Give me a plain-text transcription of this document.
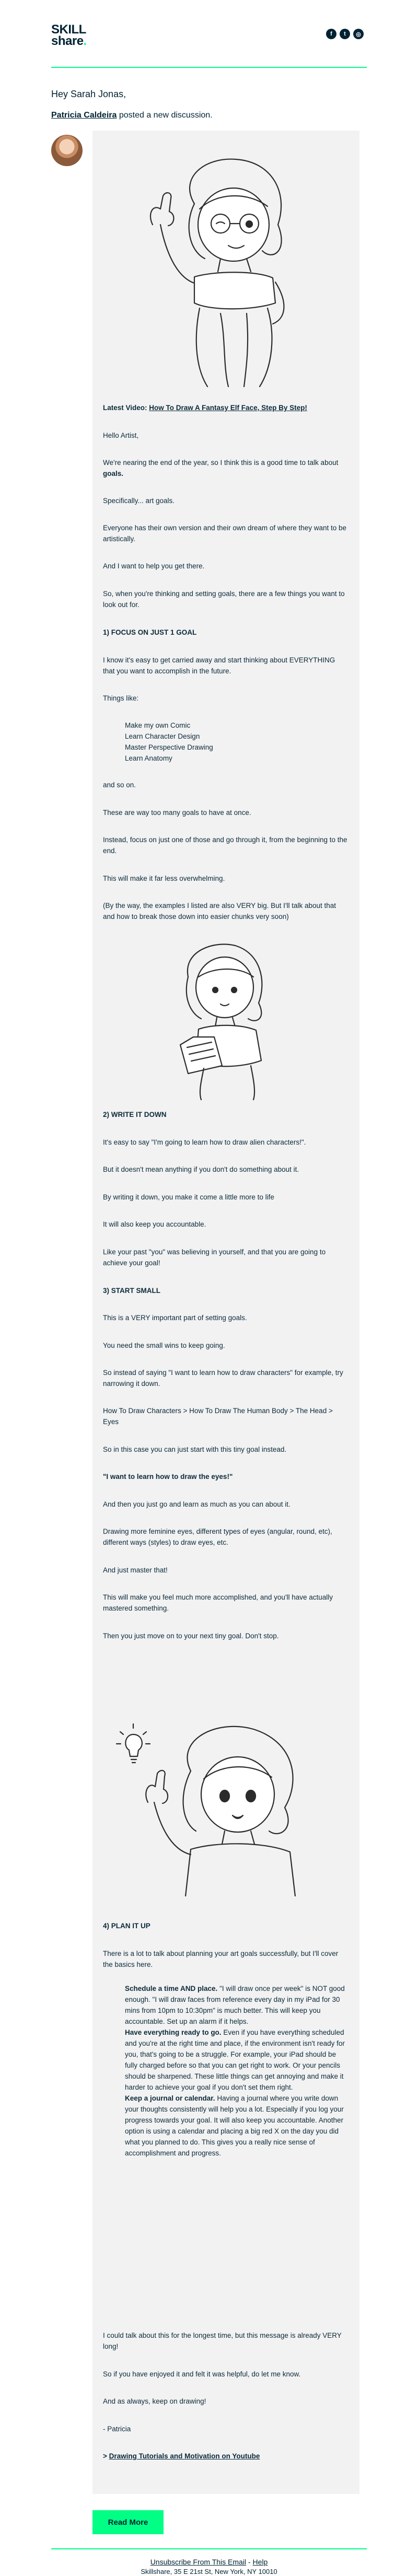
SKILL
share.	f	t	◎
Hey Sarah Jonas,
Patricia Caldeira posted a new discussion.

Latest Video: How To Draw A Fantasy Elf Face, Step By Step!

Hello Artist,

We're nearing the end of the year, so I think this is a good time to talk about goals.

Specifically... art goals.

Everyone has their own version and their own dream of where they want to be artistically.

And I want to help you get there.

So, when you're thinking and setting goals, there are a few things you want to look out for.

1) FOCUS ON JUST 1 GOAL

I know it's easy to get carried away and start thinking about EVERYTHING that you want to accomplish in the future.

Things like:

Make my own Comic
Learn Character Design
Master Perspective Drawing
Learn Anatomy

and so on.

These are way too many goals to have at once.

Instead, focus on just one of those and go through it, from the beginning to the end.

This will make it far less overwhelming.

(By the way, the examples I listed are also VERY big. But I'll talk about that and how to break those down into easier chunks very soon)

2) WRITE IT DOWN

It's easy to say "I'm going to learn how to draw alien characters!".

But it doesn't mean anything if you don't do something about it.

By writing it down, you make it come a little more to life

It will also keep you accountable.

Like your past "you" was believing in yourself, and that you are going to achieve your goal!

3) START SMALL

This is a VERY important part of setting goals.

You need the small wins to keep going.

So instead of saying "I want to learn how to draw characters" for example, try narrowing it down.

How To Draw Characters > How To Draw The Human Body > The Head > Eyes

So in this case you can just start with this tiny goal instead.

"I want to learn how to draw the eyes!"

And then you just go and learn as much as you can about it.

Drawing more feminine eyes, different types of eyes (angular, round, etc), different ways (styles) to draw eyes, etc.

And just master that!

This will make you feel much more accomplished, and you'll have actually mastered something.

Then you just move on to your next tiny goal. Don't stop.

4) PLAN IT UP

There is a lot to talk about planning your art goals successfully, but I'll cover the basics here.

Schedule a time AND place. "I will draw once per week" is NOT good enough. "I will draw faces from reference every day in my iPad for 30 mins from 10pm to 10:30pm" is much better. This will keep you accountable. Set up an alarm if it helps.
Have everything ready to go. Even if you have everything scheduled and you're at the right time and place, if the environment isn't ready for you, that's going to be a struggle. For example, your iPad should be fully charged before so that you can get right to work. Or your pencils should be sharpened. These little things can get annoying and make it harder to achieve your goal if you don't set them right.
Keep a journal or calendar. Having a journal where you write down your thoughts consistently will help you a lot. Especially if you log your progress towards your goal. It will also keep you accountable. Another option is using a calendar and placing a big red X on the day you did what you planned to do. This gives you a really nice sense of accomplishment and progress.

I could talk about this for the longest time, but this message is already VERY long!

So if you have enjoyed it and felt it was helpful, do let me know.

And as always, keep on drawing!

- Patricia

> Drawing Tutorials and Motivation on Youtube

Read More
Unsubscribe From This Email - Help
Skillshare, 35 E 21st St, New York, NY 10010
